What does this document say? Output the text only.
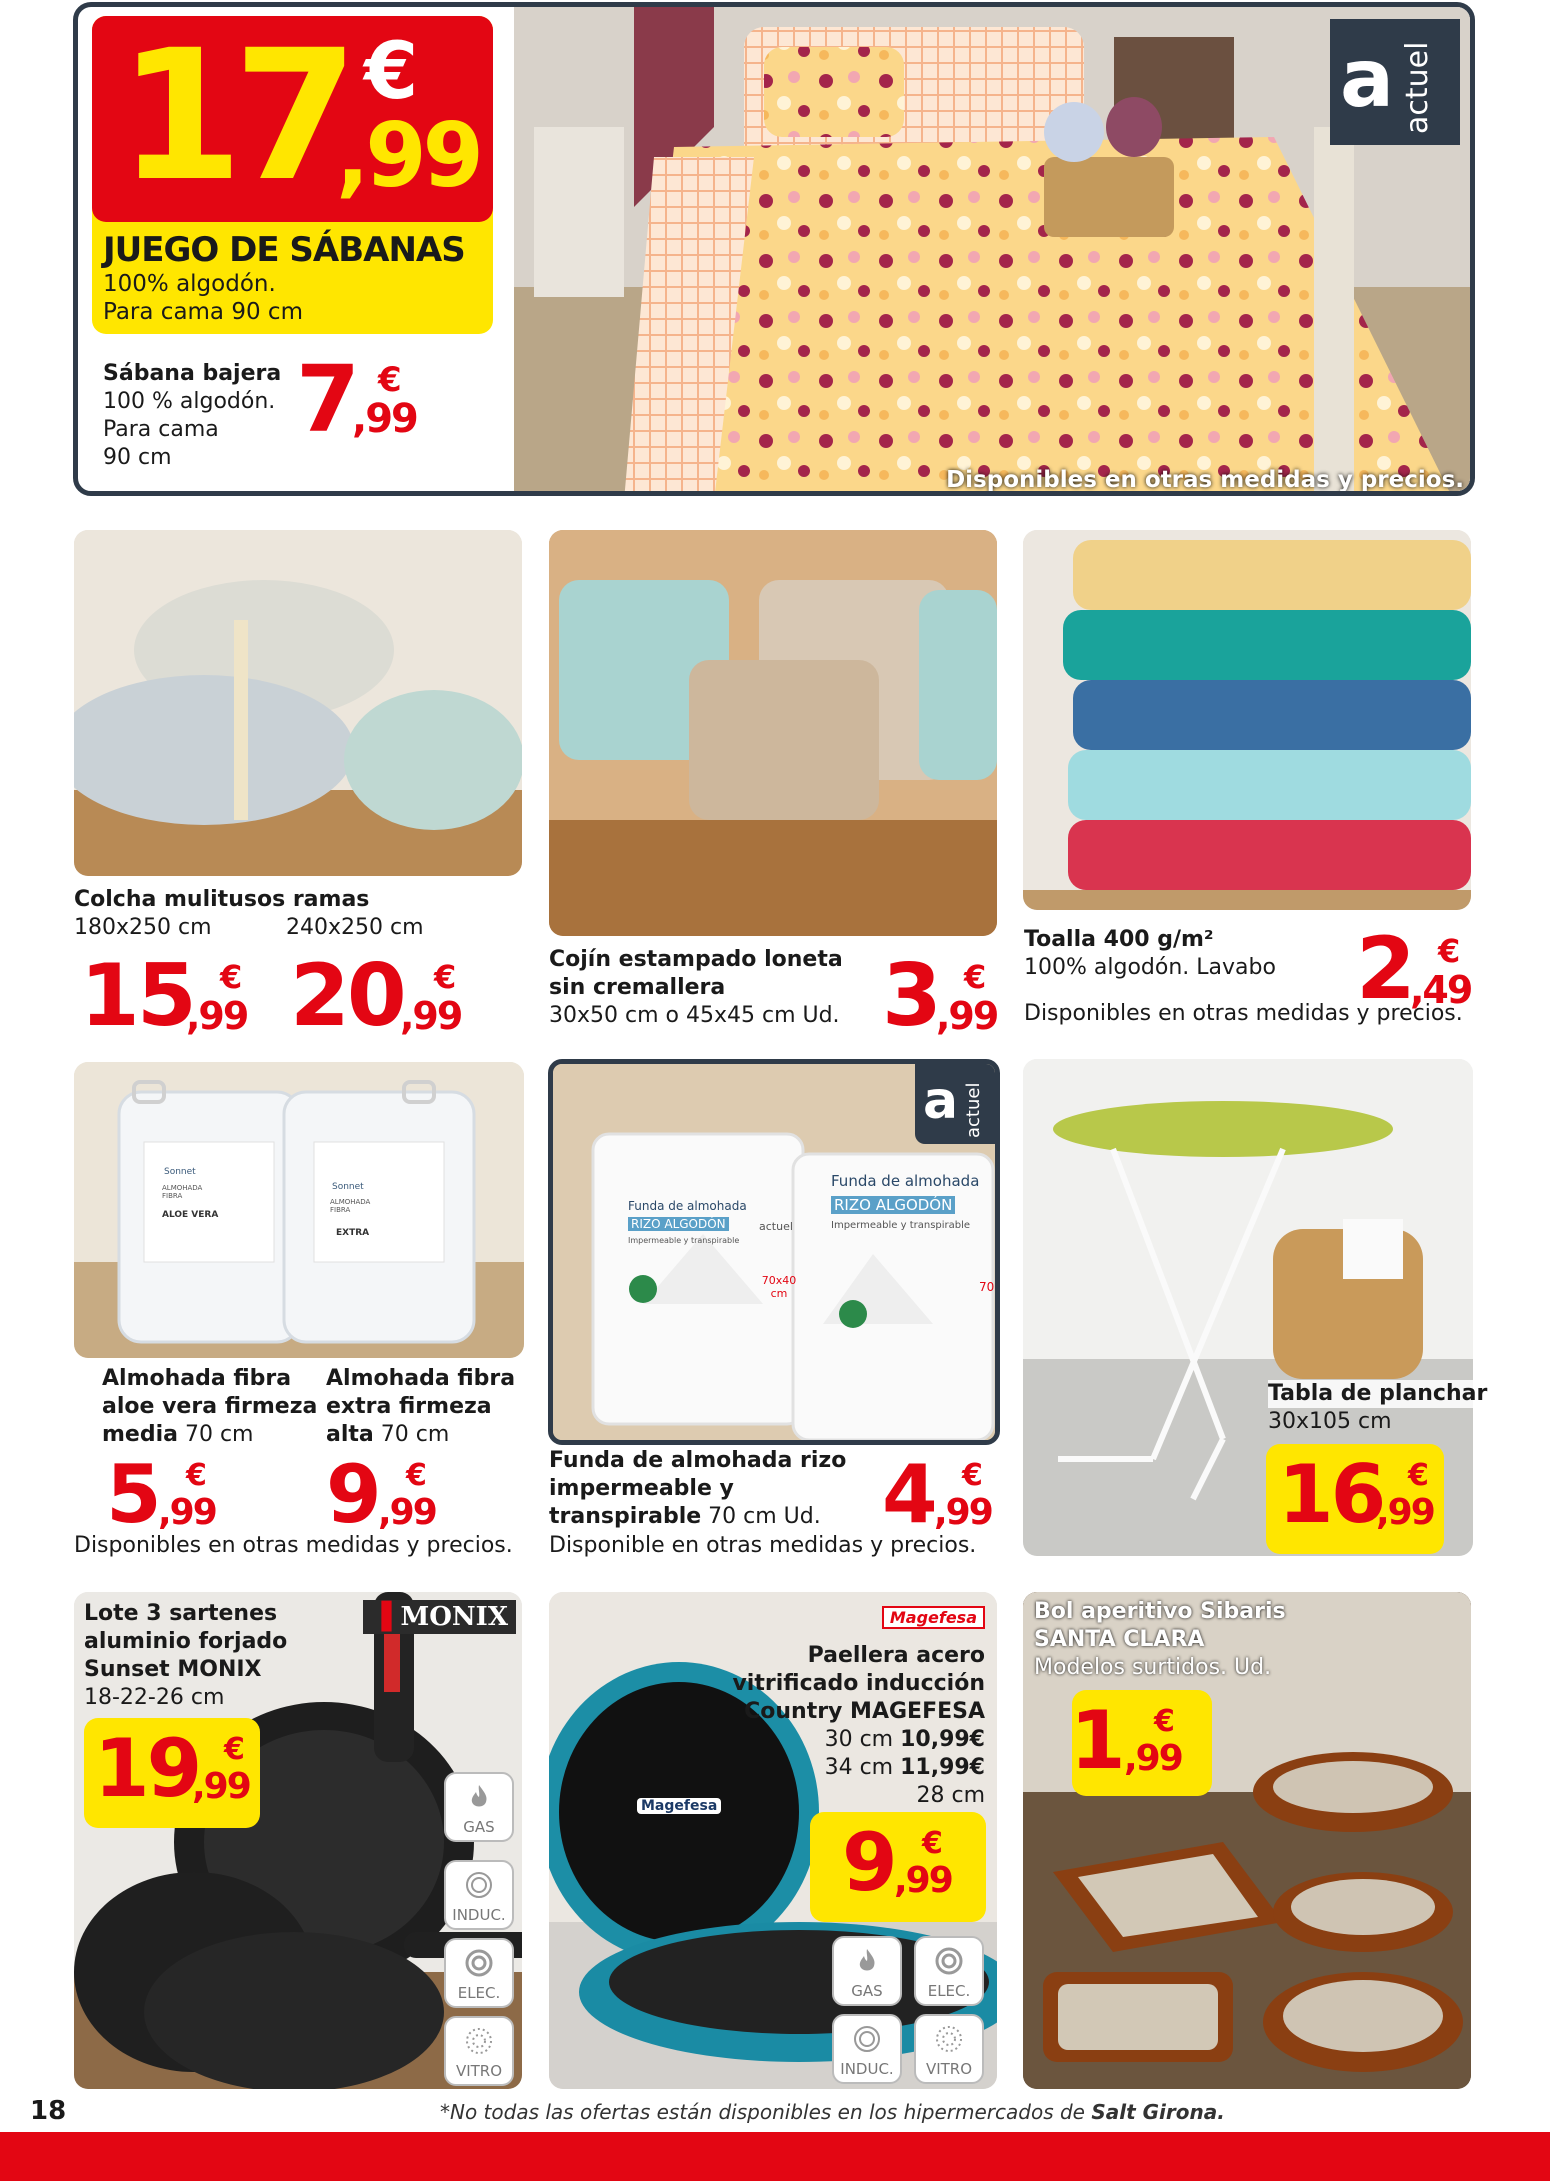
a actuel
Disponibles en otras medidas y precios.
17 €
,99
JUEGO DE SÁBANAS
100% algodón.
Para cama 90 cm
Sábana bajera
100 % algodón.
Para cama
90 cm
7 €
,99
Colcha mulitusos ramas
180x250 cm	240x250 cm
15 €
,99 20 €
,99
Cojín estampado loneta
sin cremallera
30x50 cm o 45x45 cm Ud. 3 €
,99
Toalla 400 g/m²
100% algodón. Lavabo
Disponibles en otras medidas y precios.
2 €
,49
Sonnet
ALMOHADA FIBRA
ALOE VERA
Sonnet
ALMOHADA FIBRA
EXTRA
Almohada fibra
aloe vera firmeza
media 70 cm
Almohada fibra
extra firmeza
alta 70 cm
5 €
,99 9 €
,99
Disponibles en otras medidas y precios.
Funda de almohada
RIZO ALGODÓN
Impermeable y transpirable
70x40 cm
actuel
Funda de almohada
RIZO ALGODÓN
Impermeable y transpirable
70
a actuel
Funda de almohada rizo
impermeable y
transpirable 70 cm Ud.
Disponible en otras medidas y precios.
4 €
,99
Tabla de planchar
30x105 cm
16 €
,99
▐ MONIX
Lote 3 sartenes
aluminio forjado
Sunset MONIX
18-22-26 cm
19 €
,99
GAS
INDUC.
ELEC.
VITRO
Magefesa
Magefesa
Paellera acero
vitrificado inducción
Country MAGEFESA
30 cm 10,99€
34 cm 11,99€
28 cm
9 €
,99
GAS	ELEC.
INDUC.	VITRO
Bol aperitivo Sibaris
SANTA CLARA
Modelos surtidos. Ud.
1 €
,99
18	*No todas las ofertas están disponibles en los hipermercados de Salt Girona.
